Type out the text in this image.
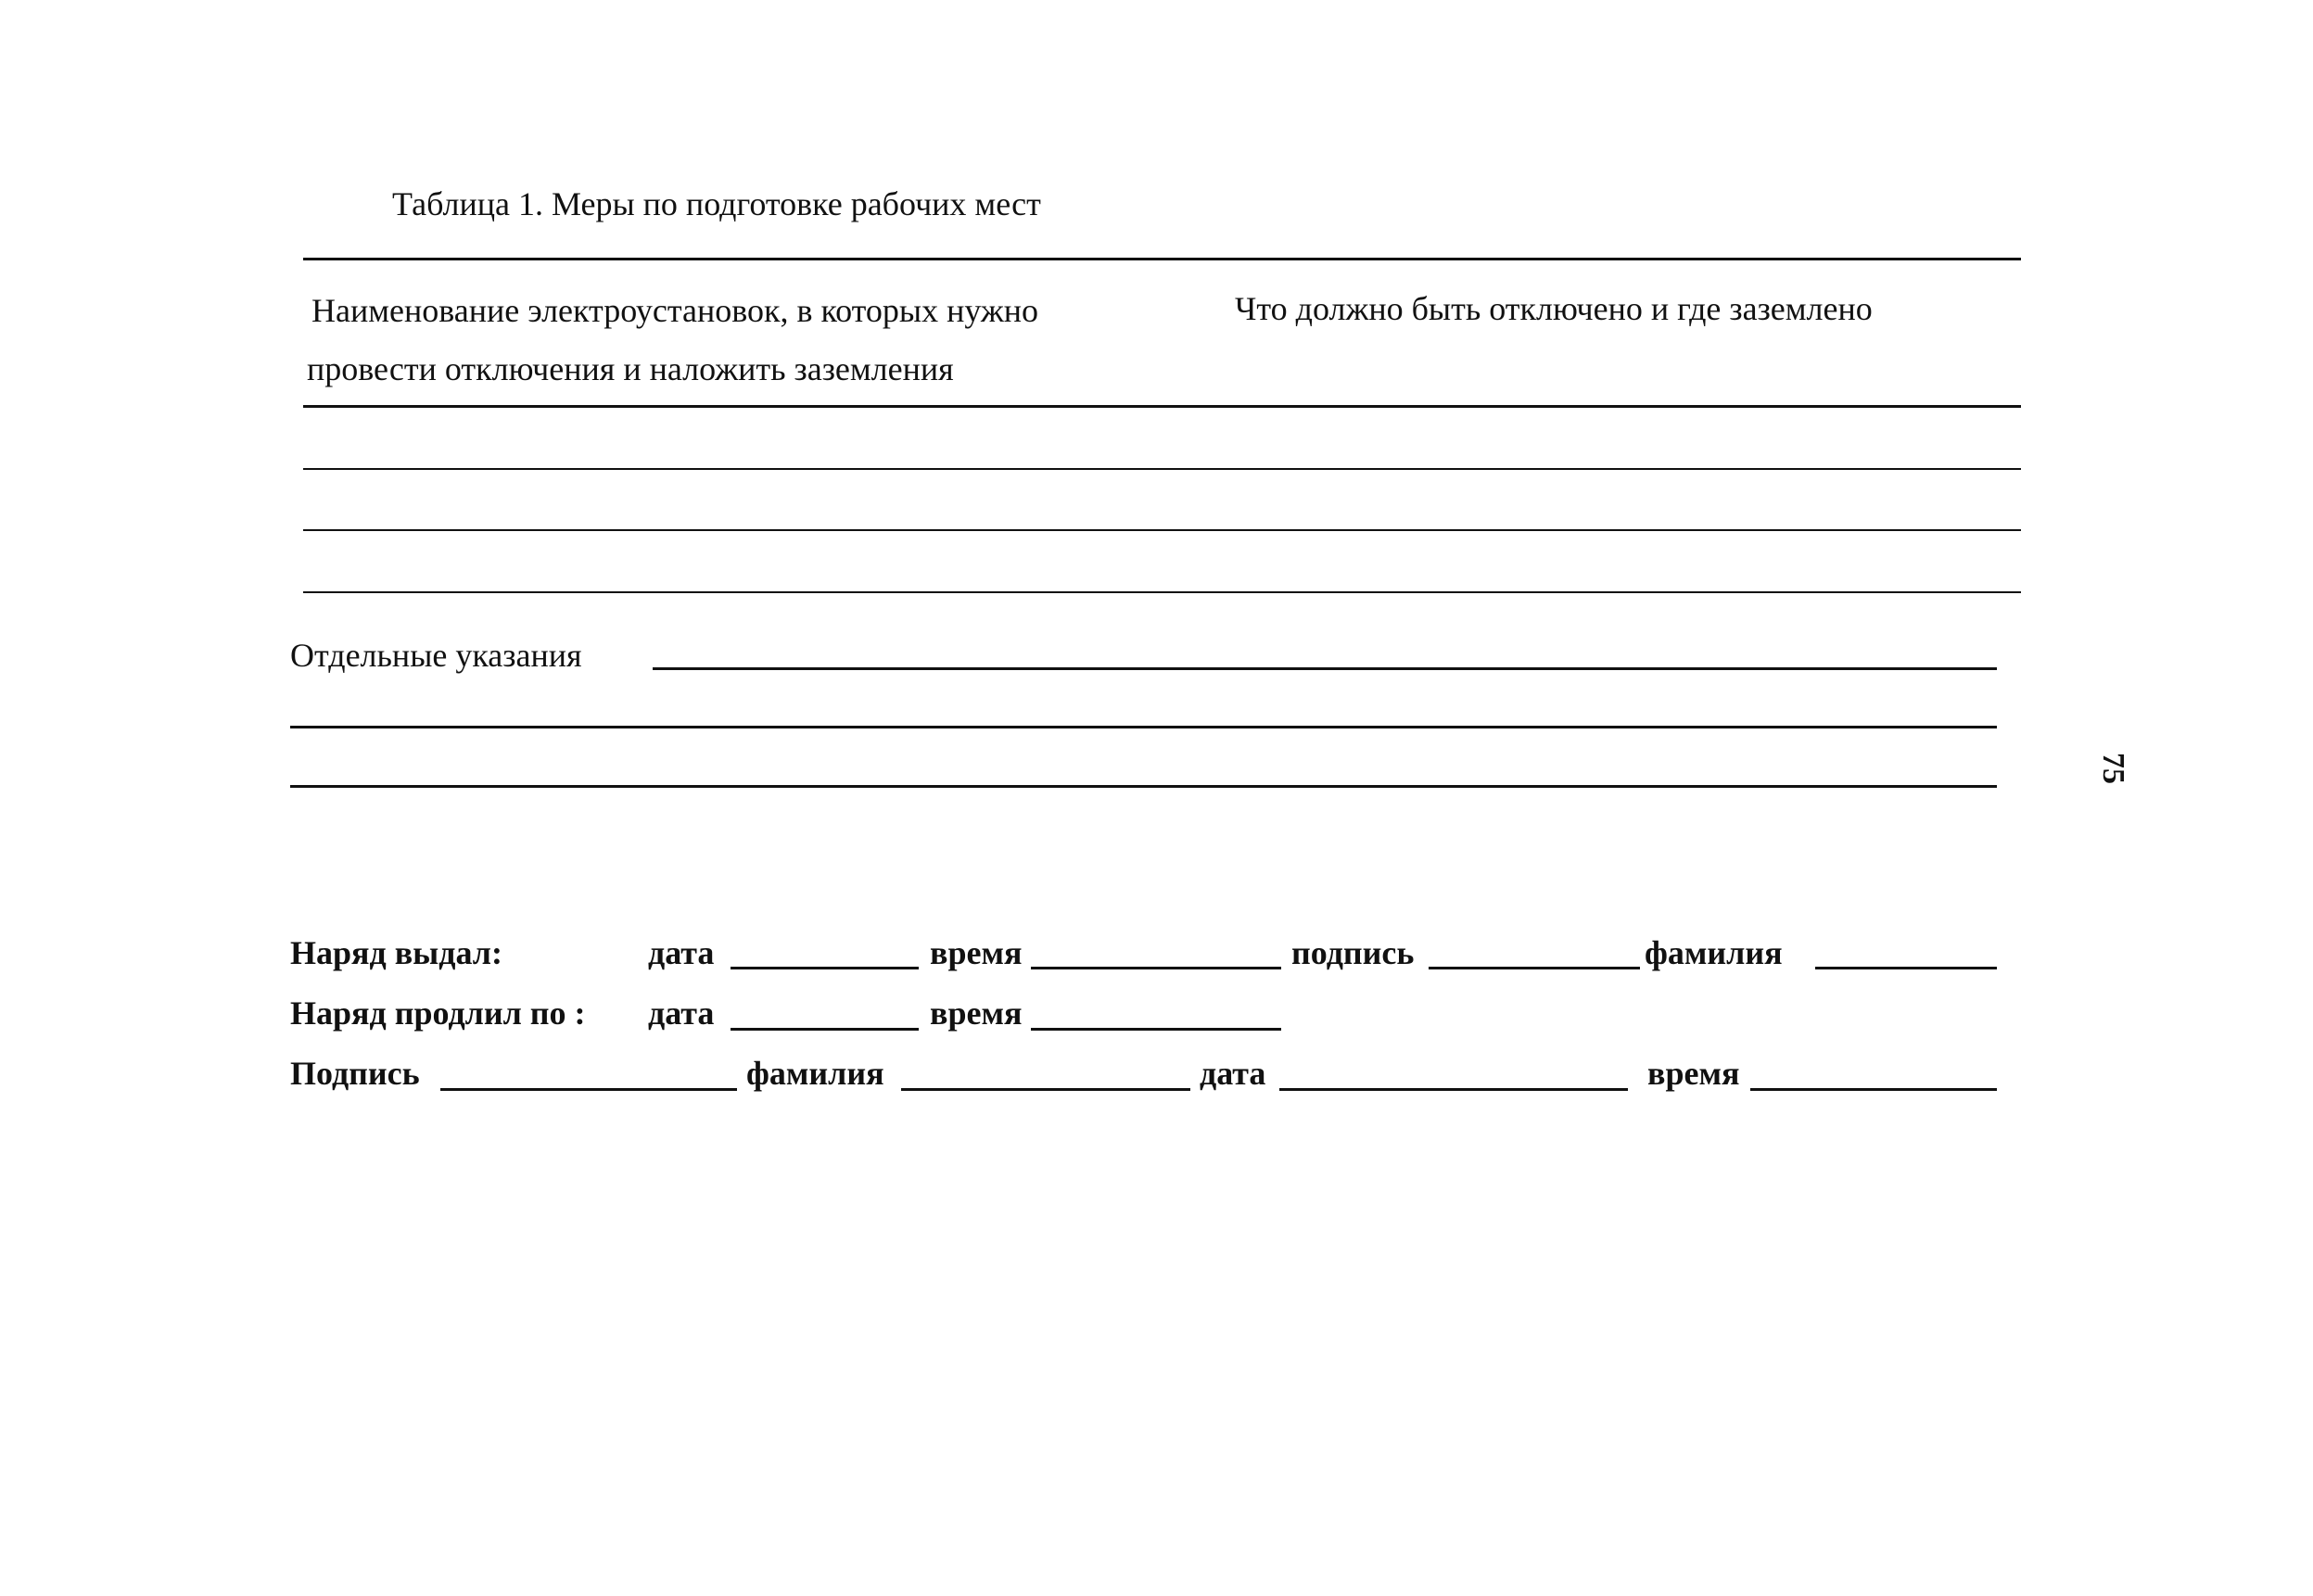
Таблица 1. Меры по подготовке рабочих мест
Наименование электроустановок, в которых нужно
провести отключения и наложить заземления
Что должно быть отключено и где заземлено
Отдельные указания
Наряд выдал:	дата	время	подпись	фамилия
Наряд продлил по : дата	время
Подпись	фамилия	дата	время
75
